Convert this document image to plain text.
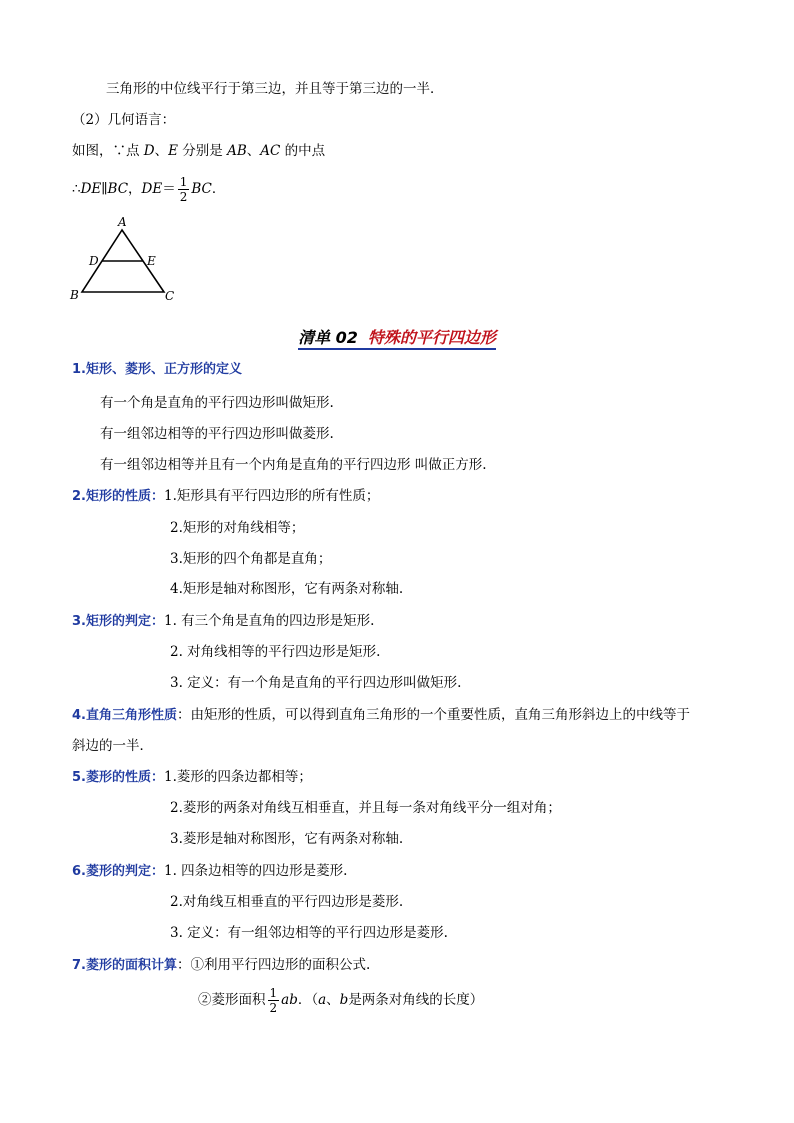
三角形的中位线平行于第三边，并且等于第三边的一半．
（2）几何语言：
如图，∵点 D、E 分别是 AB、AC 的中点
∴DE∥BC，$DE= \frac{1}{2}$ BC．
A
B	C
D	E
清单 02 特殊的平行四边形
1.矩形、菱形、正方形的定义
有一个角是直角的平行四边形叫做矩形.
有一组邻边相等的平行四边形叫做菱形.
有一组邻边相等并且有一个内角是直角的平行四边形 叫做正方形.
2.矩形的性质：1.矩形具有平行四边形的所有性质；
2.矩形的对角线相等；
3.矩形的四个角都是直角；
4.矩形是轴对称图形，它有两条对称轴.
3.矩形的判定：1. 有三个角是直角的四边形是矩形.
2. 对角线相等的平行四边形是矩形.
3. 定义：有一个角是直角的平行四边形叫做矩形.
4.直角三角形性质：由矩形的性质，可以得到直角三角形的一个重要性质，直角三角形斜边上的中线等于
斜边的一半．
5.菱形的性质：1.菱形的四条边都相等；
2.菱形的两条对角线互相垂直，并且每一条对角线平分一组对角；
3.菱形是轴对称图形，它有两条对称轴.
6.菱形的判定：1. 四条边相等的四边形是菱形.
2.对角线互相垂直的平行四边形是菱形.
3. 定义：有一组邻边相等的平行四边形是菱形.
7.菱形的面积计算：①利用平行四边形的面积公式.
②菱形面积 $\frac{1}{2}$ ab．（a、b是两条对角线的长度）
